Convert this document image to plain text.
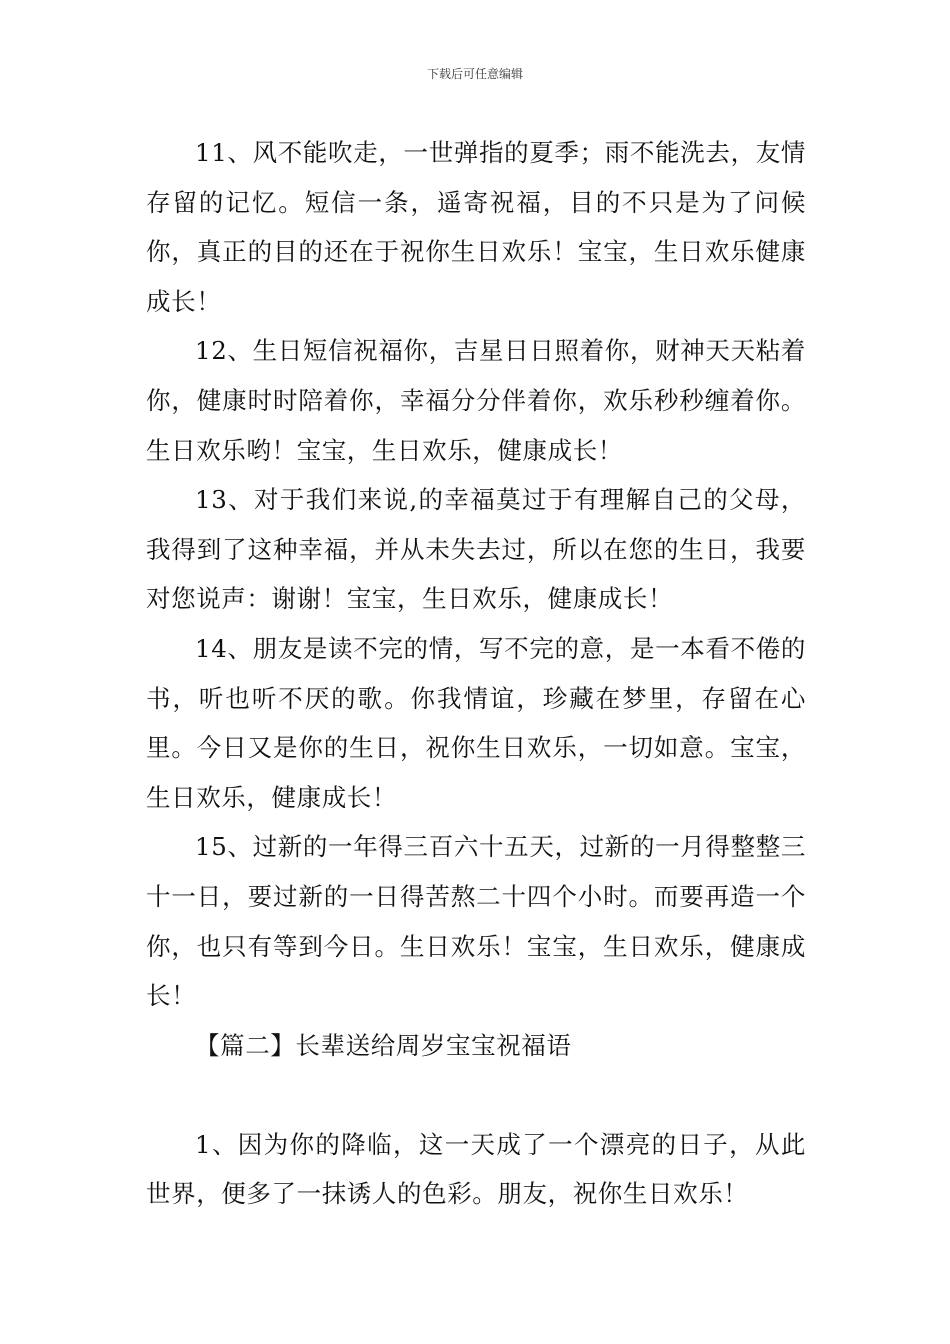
下载后可任意编辑

11、风不能吹走，一世弹指的夏季；雨不能洗去，友情存留的记忆。短信一条，遥寄祝福，目的不只是为了问候你，真正的目的还在于祝你生日欢乐！宝宝，生日欢乐健康成长！

12、生日短信祝福你，吉星日日照着你，财神天天粘着你，健康时时陪着你，幸福分分伴着你，欢乐秒秒缠着你。生日欢乐哟！宝宝，生日欢乐，健康成长！

13、对于我们来说,的幸福莫过于有理解自己的父母，我得到了这种幸福，并从未失去过，所以在您的生日，我要对您说声：谢谢！宝宝，生日欢乐，健康成长！

14、朋友是读不完的情，写不完的意，是一本看不倦的书，听也听不厌的歌。你我情谊，珍藏在梦里，存留在心里。今日又是你的生日，祝你生日欢乐，一切如意。宝宝，生日欢乐，健康成长！

15、过新的一年得三百六十五天，过新的一月得整整三十一日，要过新的一日得苦熬二十四个小时。而要再造一个你，也只有等到今日。生日欢乐！宝宝，生日欢乐，健康成长！

【篇二】长辈送给周岁宝宝祝福语

1、因为你的降临，这一天成了一个漂亮的日子，从此世界，便多了一抹诱人的色彩。朋友，祝你生日欢乐！
